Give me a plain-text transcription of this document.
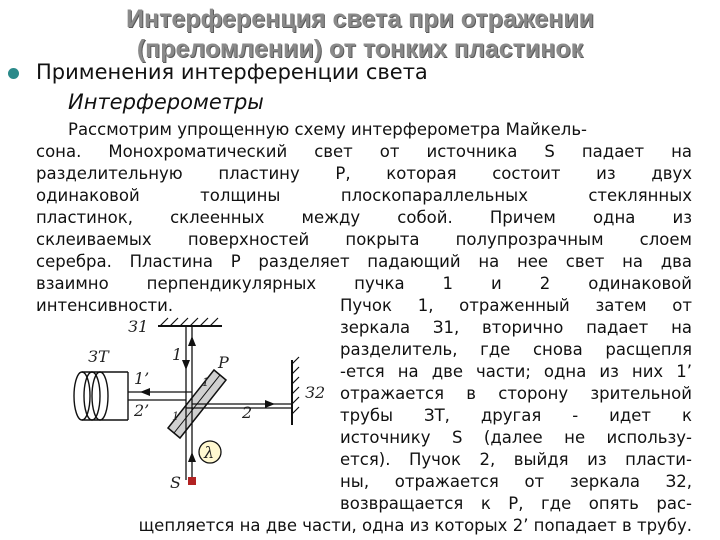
Интерференция света при отражении
(преломлении) от тонких пластинок
Применения интерференции света
Интерферометры
Рассмотрим упрощенную схему интерферометра Майкель-
сона. Монохроматический свет от источника S падает на
разделительную пластину P, которая состоит из двух
одинаковой толщины плоскопараллельных стеклянных
пластинок, склеенных между собой. Причем одна из
склеиваемых поверхностей покрыта полупрозрачным слоем
серебра. Пластина P разделяет падающий на нее свет на два
взаимно перпендикулярных пучка 1 и 2 одинаковой
интенсивности.	Пучок 1, отраженный затем от
зеркала З1, вторично падает на
разделитель, где снова расщепля
-ется на две части; одна из них 1’
отражается в сторону зрительной
трубы ЗТ, другая - идет к
источнику S (далее не использу-
ется). Пучок 2, выйдя из пласти-
ны, отражается от зеркала З2,
возвращается к P, где опять рас-
щепляется на две части, одна из которых 2’ попадает в трубу.
З1
З2
ЗТ	P
S
1
2
1’
2’
λ
1
1
